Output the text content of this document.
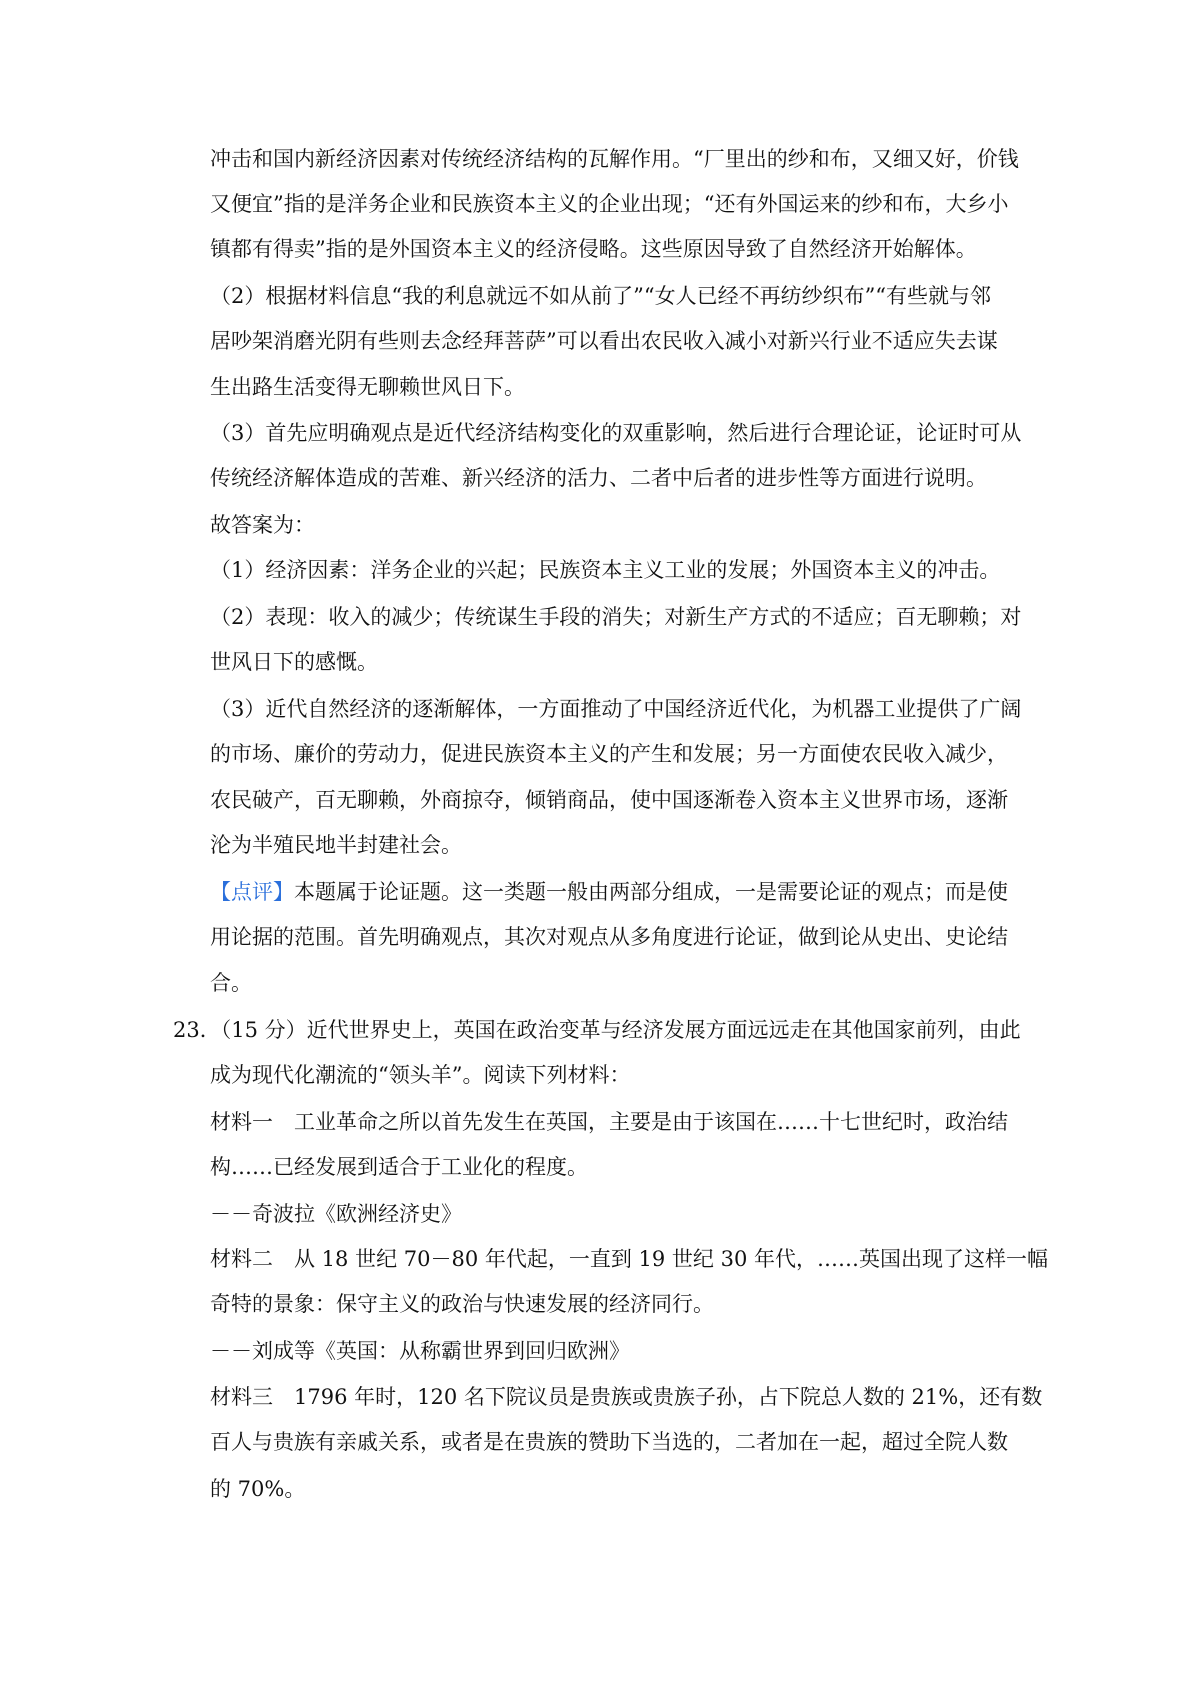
冲击和国内新经济因素对传统经济结构的瓦解作用。“厂里出的纱和布，又细又好，价钱
又便宜”指的是洋务企业和民族资本主义的企业出现；“还有外国运来的纱和布，大乡小
镇都有得卖”指的是外国资本主义的经济侵略。这些原因导致了自然经济开始解体。
（2）根据材料信息“我的利息就远不如从前了”“女人已经不再纺纱织布”“有些就与邻
居吵架消磨光阴有些则去念经拜菩萨”可以看出农民收入减小对新兴行业不适应失去谋
生出路生活变得无聊赖世风日下。
（3）首先应明确观点是近代经济结构变化的双重影响，然后进行合理论证，论证时可从
传统经济解体造成的苦难、新兴经济的活力、二者中后者的进步性等方面进行说明。
故答案为：
（1）经济因素：洋务企业的兴起；民族资本主义工业的发展；外国资本主义的冲击。
（2）表现：收入的减少；传统谋生手段的消失；对新生产方式的不适应；百无聊赖；对
世风日下的感慨。
（3）近代自然经济的逐渐解体，一方面推动了中国经济近代化，为机器工业提供了广阔
的市场、廉价的劳动力，促进民族资本主义的产生和发展；另一方面使农民收入减少，
农民破产，百无聊赖，外商掠夺，倾销商品，使中国逐渐卷入资本主义世界市场，逐渐
沦为半殖民地半封建社会。
【点评】本题属于论证题。这一类题一般由两部分组成，一是需要论证的观点；而是使
用论据的范围。首先明确观点，其次对观点从多角度进行论证，做到论从史出、史论结
合。
23．（15 分）近代世界史上，英国在政治变革与经济发展方面远远走在其他国家前列，由此
成为现代化潮流的“领头羊”。阅读下列材料：
材料一　工业革命之所以首先发生在英国，主要是由于该国在……十七世纪时，政治结
构……已经发展到适合于工业化的程度。
－－奇波拉《欧洲经济史》
材料二　从 18 世纪 70－80 年代起，一直到 19 世纪 30 年代，……英国出现了这样一幅
奇特的景象：保守主义的政治与快速发展的经济同行。
－－刘成等《英国：从称霸世界到回归欧洲》
材料三　1796 年时，120 名下院议员是贵族或贵族子孙，占下院总人数的 21%，还有数
百人与贵族有亲戚关系，或者是在贵族的赞助下当选的，二者加在一起，超过全院人数
的 70%。
